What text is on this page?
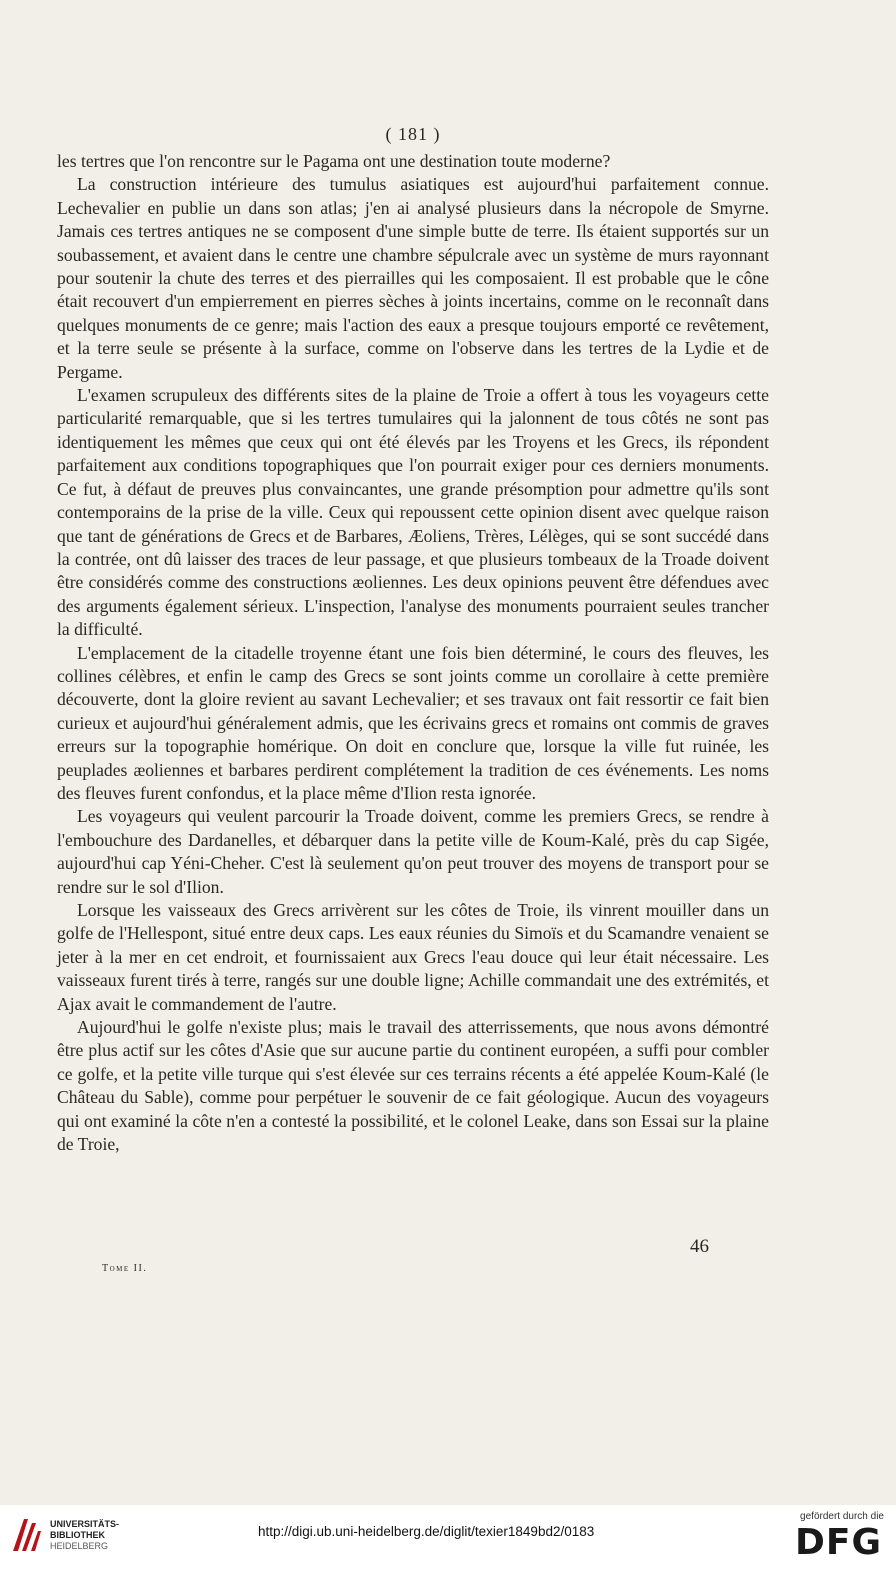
( 181 )

les tertres que l'on rencontre sur le Pagama ont une destination toute moderne?

La construction intérieure des tumulus asiatiques est aujourd'hui parfaitement connue. Lechevalier en publie un dans son atlas; j'en ai analysé plusieurs dans la nécropole de Smyrne. Jamais ces tertres antiques ne se composent d'une simple butte de terre. Ils étaient supportés sur un soubassement, et avaient dans le centre une chambre sépulcrale avec un système de murs rayonnant pour soutenir la chute des terres et des pierrailles qui les composaient. Il est probable que le cône était recouvert d'un empierrement en pierres sèches à joints incertains, comme on le reconnaît dans quelques monuments de ce genre; mais l'action des eaux a presque toujours emporté ce revêtement, et la terre seule se présente à la surface, comme on l'observe dans les tertres de la Lydie et de Pergame.

L'examen scrupuleux des différents sites de la plaine de Troie a offert à tous les voyageurs cette particularité remarquable, que si les tertres tumulaires qui la jalonnent de tous côtés ne sont pas identiquement les mêmes que ceux qui ont été élevés par les Troyens et les Grecs, ils répondent parfaitement aux conditions topographiques que l'on pourrait exiger pour ces derniers monuments. Ce fut, à défaut de preuves plus convaincantes, une grande présomption pour admettre qu'ils sont contemporains de la prise de la ville. Ceux qui repoussent cette opinion disent avec quelque raison que tant de générations de Grecs et de Barbares, Æoliens, Trères, Lélèges, qui se sont succédé dans la contrée, ont dû laisser des traces de leur passage, et que plusieurs tombeaux de la Troade doivent être considérés comme des constructions æoliennes. Les deux opinions peuvent être défendues avec des arguments également sérieux. L'inspection, l'analyse des monuments pourraient seules trancher la difficulté.

L'emplacement de la citadelle troyenne étant une fois bien déterminé, le cours des fleuves, les collines célèbres, et enfin le camp des Grecs se sont joints comme un corollaire à cette première découverte, dont la gloire revient au savant Lechevalier; et ses travaux ont fait ressortir ce fait bien curieux et aujourd'hui généralement admis, que les écrivains grecs et romains ont commis de graves erreurs sur la topographie homérique. On doit en conclure que, lorsque la ville fut ruinée, les peuplades æoliennes et barbares perdirent complétement la tradition de ces événements. Les noms des fleuves furent confondus, et la place même d'Ilion resta ignorée.

Les voyageurs qui veulent parcourir la Troade doivent, comme les premiers Grecs, se rendre à l'embouchure des Dardanelles, et débarquer dans la petite ville de Koum-Kalé, près du cap Sigée, aujourd'hui cap Yéni-Cheher. C'est là seulement qu'on peut trouver des moyens de transport pour se rendre sur le sol d'Ilion.

Lorsque les vaisseaux des Grecs arrivèrent sur les côtes de Troie, ils vinrent mouiller dans un golfe de l'Hellespont, situé entre deux caps. Les eaux réunies du Simoïs et du Scamandre venaient se jeter à la mer en cet endroit, et fournissaient aux Grecs l'eau douce qui leur était nécessaire. Les vaisseaux furent tirés à terre, rangés sur une double ligne; Achille commandait une des extrémités, et Ajax avait le commandement de l'autre.

Aujourd'hui le golfe n'existe plus; mais le travail des atterrissements, que nous avons démontré être plus actif sur les côtes d'Asie que sur aucune partie du continent européen, a suffi pour combler ce golfe, et la petite ville turque qui s'est élevée sur ces terrains récents a été appelée Koum-Kalé (le Château du Sable), comme pour perpétuer le souvenir de ce fait géologique. Aucun des voyageurs qui ont examiné la côte n'en a contesté la possibilité, et le colonel Leake, dans son Essai sur la plaine de Troie,

46
Tome II.
UNIVERSITÄTS-
BIBLIOTHEK
HEIDELBERG
http://digi.ub.uni-heidelberg.de/diglit/texier1849bd2/0183
gefördert durch die
DFG
